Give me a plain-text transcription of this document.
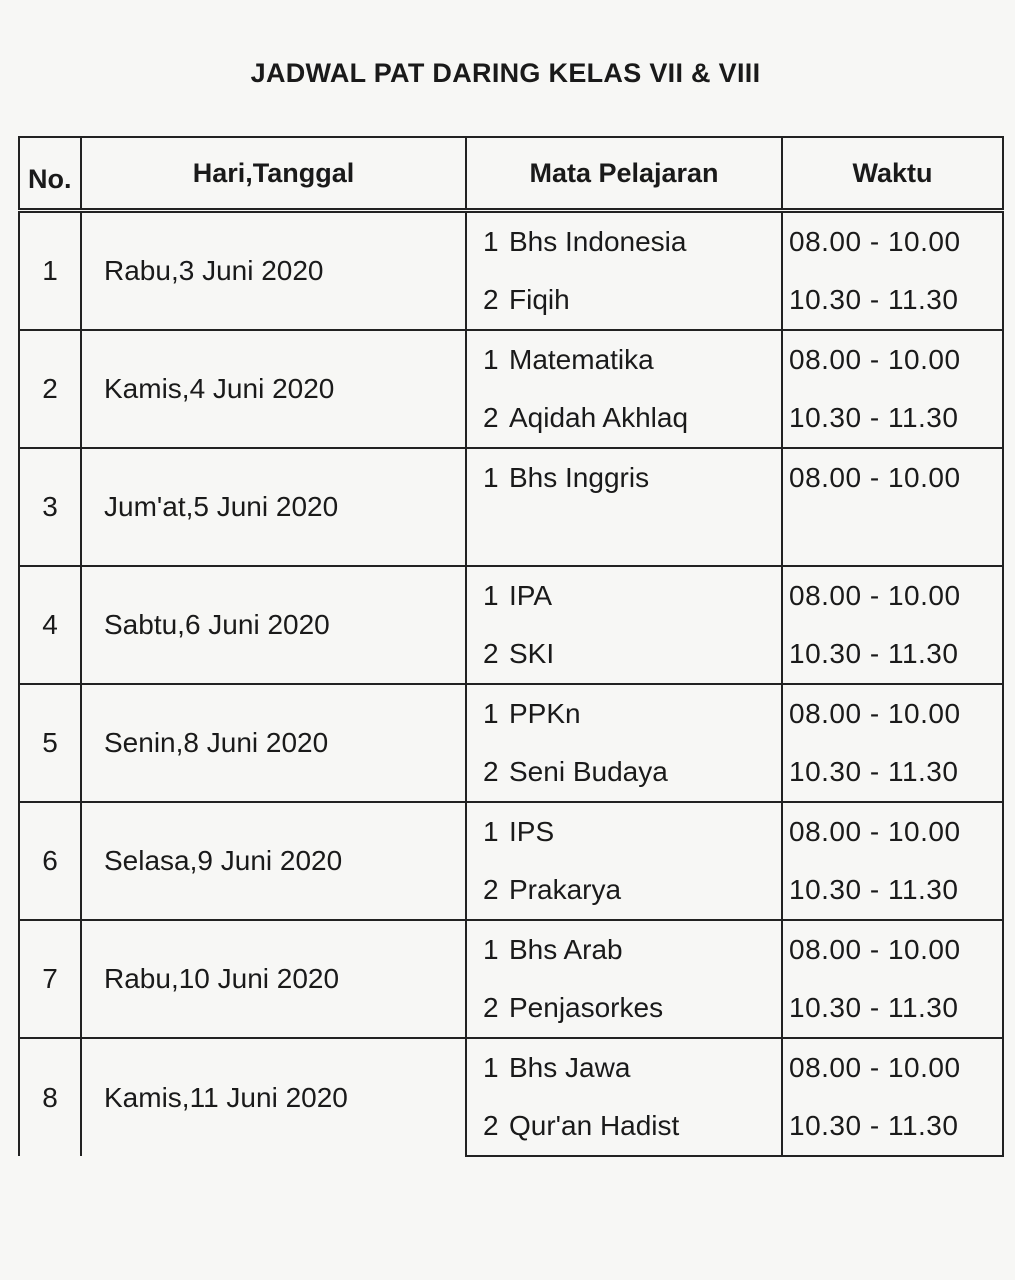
JADWAL PAT DARING KELAS VII & VIII
No.	Hari,Tanggal	Mata Pelajaran	Waktu
1	Rabu,3 Juni 2020	1 Bhs Indonesia	08.00 - 10.00
		2 Fiqih	10.30 - 11.30
2	Kamis,4 Juni 2020	1 Matematika	08.00 - 10.00
		2 Aqidah Akhlaq	10.30 - 11.30
3	Jum'at,5 Juni 2020	1 Bhs Inggris	08.00 - 10.00

4	Sabtu,6 Juni 2020	1 IPA	08.00 - 10.00
		2 SKI	10.30 - 11.30
5	Senin,8 Juni 2020	1 PPKn	08.00 - 10.00
		2 Seni Budaya	10.30 - 11.30
6	Selasa,9 Juni 2020	1 IPS	08.00 - 10.00
		2 Prakarya	10.30 - 11.30
7	Rabu,10 Juni 2020	1 Bhs Arab	08.00 - 10.00
		2 Penjasorkes	10.30 - 11.30
8	Kamis,11 Juni 2020	1 Bhs Jawa	08.00 - 10.00
		2 Qur'an Hadist	10.30 - 11.30
